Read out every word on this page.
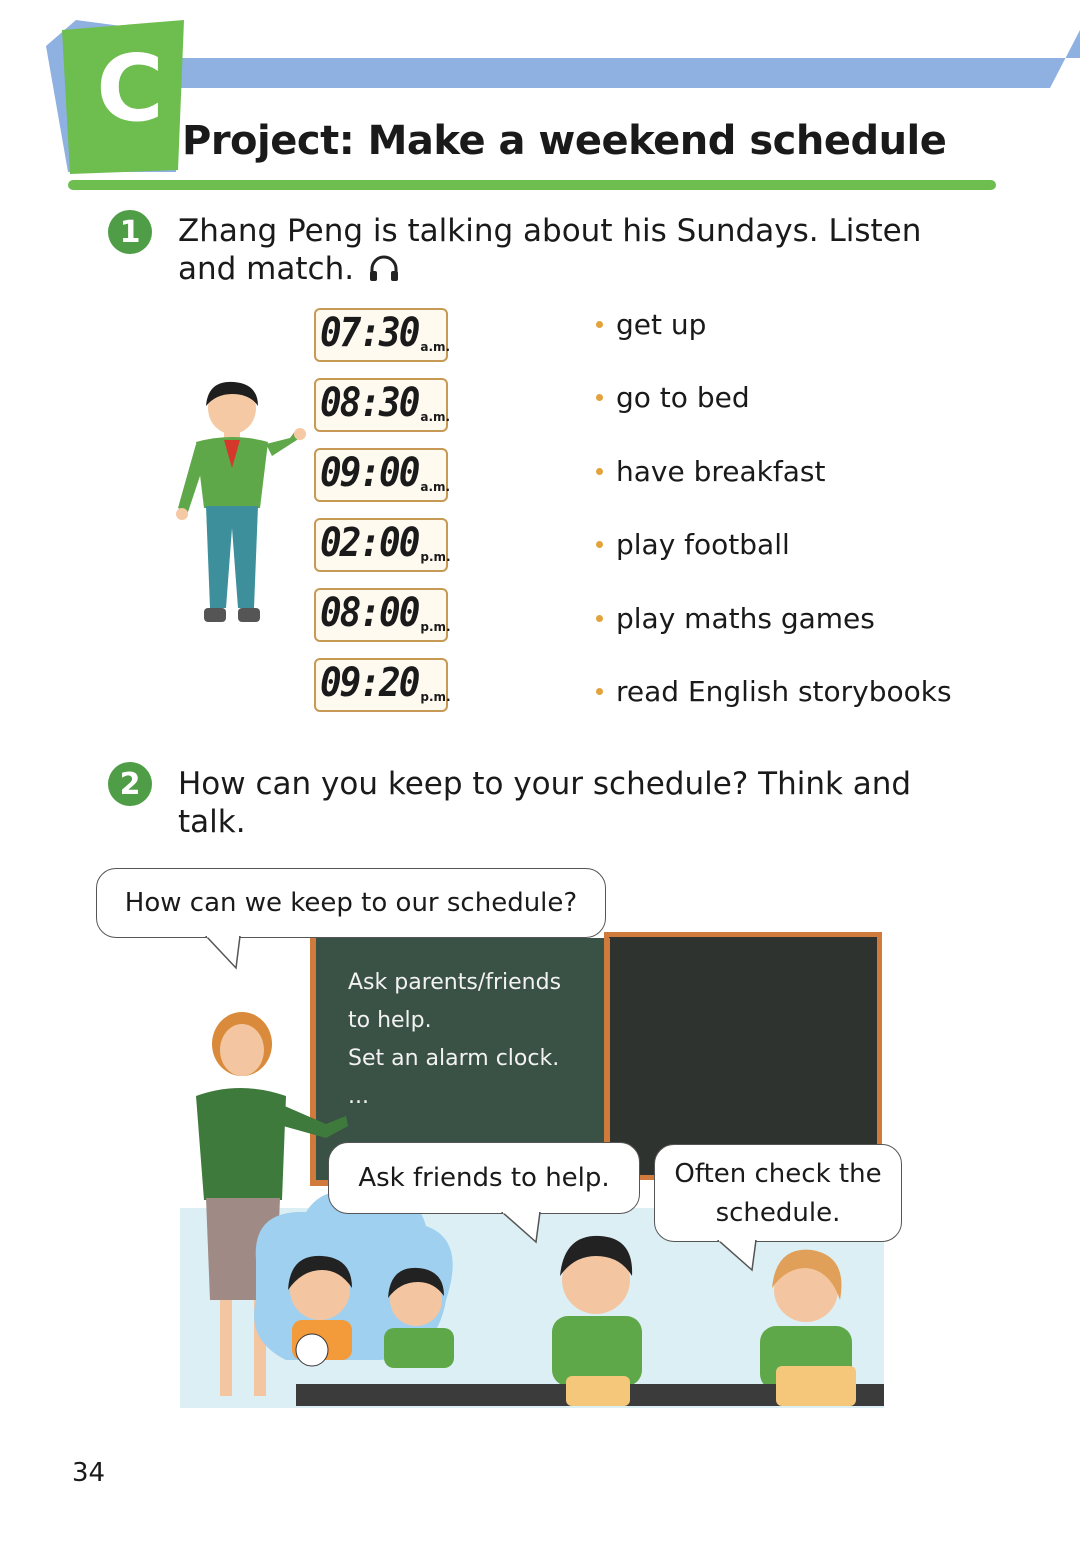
C Project: Make a weekend schedule
1	Zhang Peng is talking about his Sundays. Listen and match.
07:30 a.m.
08:30 a.m.
09:00 a.m.
02:00 p.m.
08:00 p.m.
09:20 p.m.
get up
go to bed
have breakfast
play football
play maths games
read English storybooks
2	How can you keep to your schedule? Think and talk.
Ask parents/friends
to help.
Set an alarm clock.
...
How can we keep to our schedule?
Ask friends to help.	Often check the
schedule.
34
